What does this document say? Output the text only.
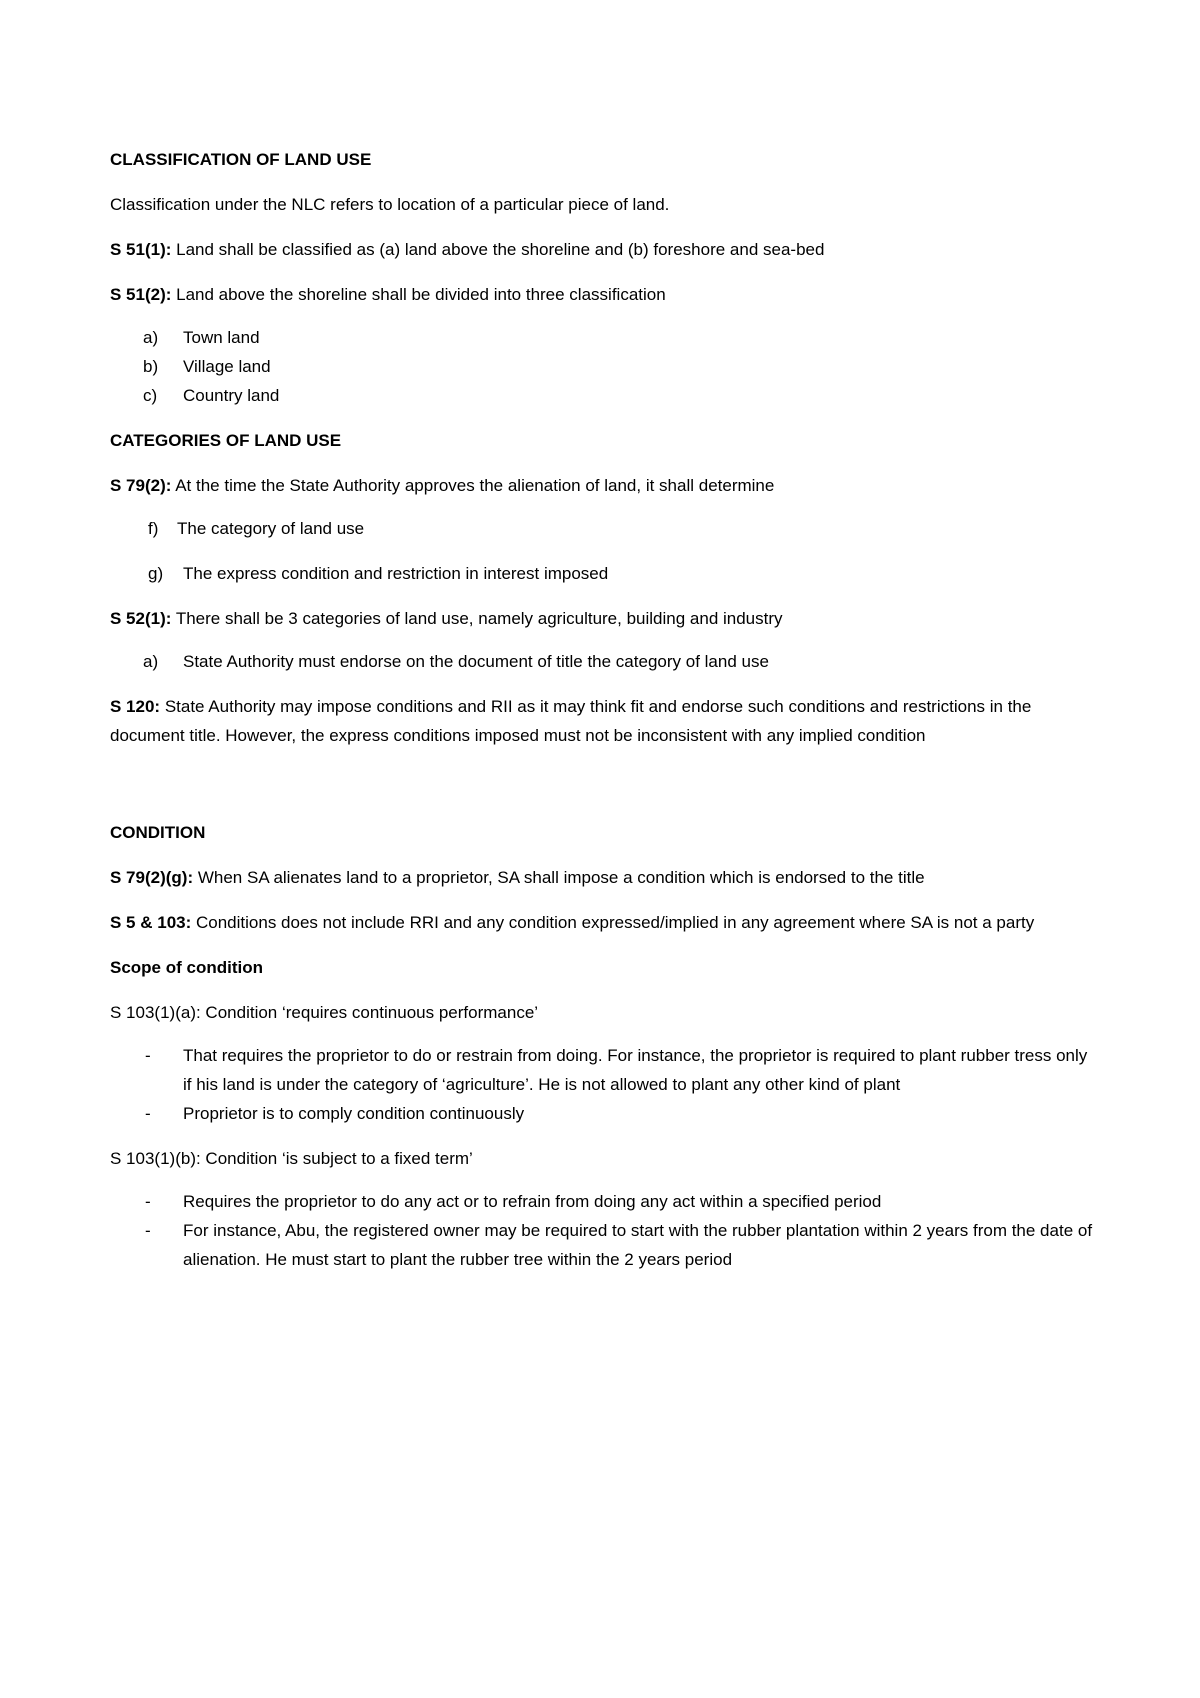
CLASSIFICATION OF LAND USE
Classification under the NLC refers to location of a particular piece of land.
S 51(1): Land shall be classified as (a) land above the shoreline and (b) foreshore and sea-bed
S 51(2): Land above the shoreline shall be divided into three classification
a) Town land
b) Village land
c) Country land
CATEGORIES OF LAND USE
S 79(2): At the time the State Authority approves the alienation of land, it shall determine
f) The category of land use
g) The express condition and restriction in interest imposed
S 52(1): There shall be 3 categories of land use, namely agriculture, building and industry
a) State Authority must endorse on the document of title the category of land use
S 120: State Authority may impose conditions and RII as it may think fit and endorse such conditions and restrictions in the document title. However, the express conditions imposed must not be inconsistent with any implied condition
CONDITION
S 79(2)(g): When SA alienates land to a proprietor, SA shall impose a condition which is endorsed to the title
S 5 & 103: Conditions does not include RRI and any condition expressed/implied in any agreement where SA is not a party
Scope of condition
S 103(1)(a): Condition ‘requires continuous performance’
- That requires the proprietor to do or restrain from doing. For instance, the proprietor is required to plant rubber tress only if his land is under the category of ‘agriculture’. He is not allowed to plant any other kind of plant
- Proprietor is to comply condition continuously
S 103(1)(b): Condition ‘is subject to a fixed term’
- Requires the proprietor to do any act or to refrain from doing any act within a specified period
- For instance, Abu, the registered owner may be required to start with the rubber plantation within 2 years from the date of alienation. He must start to plant the rubber tree within the 2 years period
